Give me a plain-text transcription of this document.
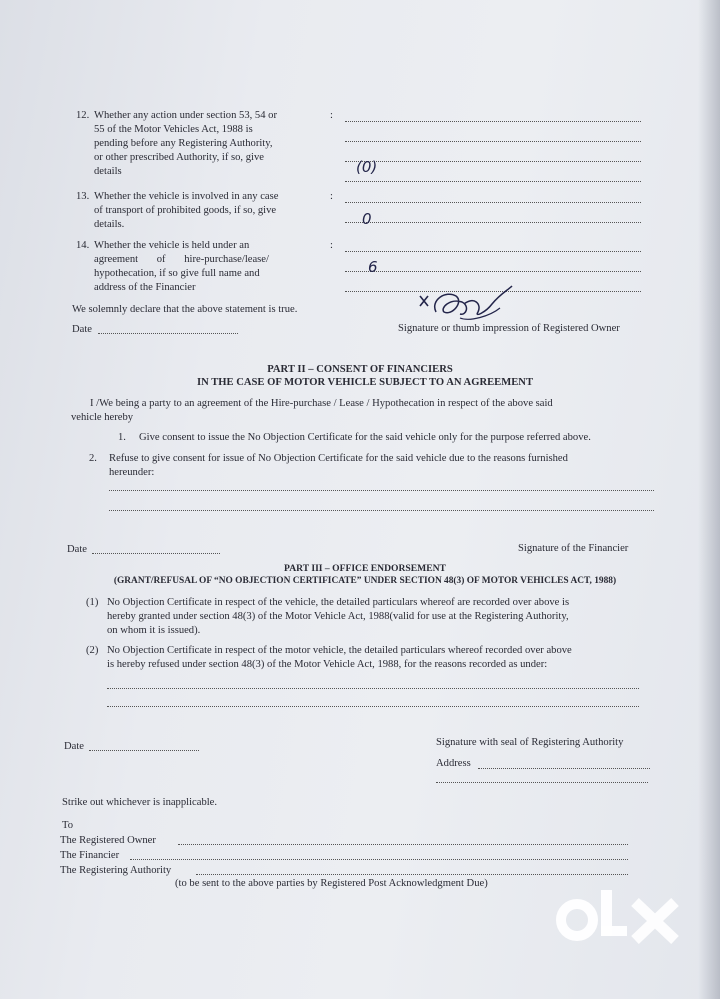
12. Whether any action under section 53, 54 or
55 of the Motor Vehicles Act, 1988 is
pending before any Registering Authority,
or other prescribed Authority, if so, give
details
:
(0)
13. Whether the vehicle is involved in any case
of transport of prohibited goods, if so, give
details.
:
0
14. Whether the vehicle is held under an
agreement of hire-purchase/lease/
hypothecation, if so give full name and
address of the Financier
:
6
We solemnly declare that the above statement is true.
Date	Signature or thumb impression of Registered Owner
PART II – CONSENT OF FINANCIERS
IN THE CASE OF MOTOR VEHICLE SUBJECT TO AN AGREEMENT
I /We being a party to an agreement of the Hire-purchase / Lease / Hypothecation in respect of the above said
vehicle hereby
1. Give consent to issue the No Objection Certificate for the said vehicle only for the purpose referred above.
2. Refuse to give consent for issue of No Objection Certificate for the said vehicle due to the reasons furnished
hereunder:
Date	Signature of the Financier
PART III – OFFICE ENDORSEMENT
(GRANT/REFUSAL OF “NO OBJECTION CERTIFICATE” UNDER SECTION 48(3) OF MOTOR VEHICLES ACT, 1988)
(1) No Objection Certificate in respect of the vehicle, the detailed particulars whereof are recorded over above is
hereby granted under section 48(3) of the Motor Vehicle Act, 1988(valid for use at the Registering Authority,
on whom it is issued).
(2) No Objection Certificate in respect of the motor vehicle, the detailed particulars whereof recorded over above
is hereby refused under section 48(3) of the Motor Vehicle Act, 1988, for the reasons recorded as under:
Date	Signature with seal of Registering Authority
Address
Strike out whichever is inapplicable.
To
The Registered Owner
The Financier
The Registering Authority
(to be sent to the above parties by Registered Post Acknowledgment Due)
